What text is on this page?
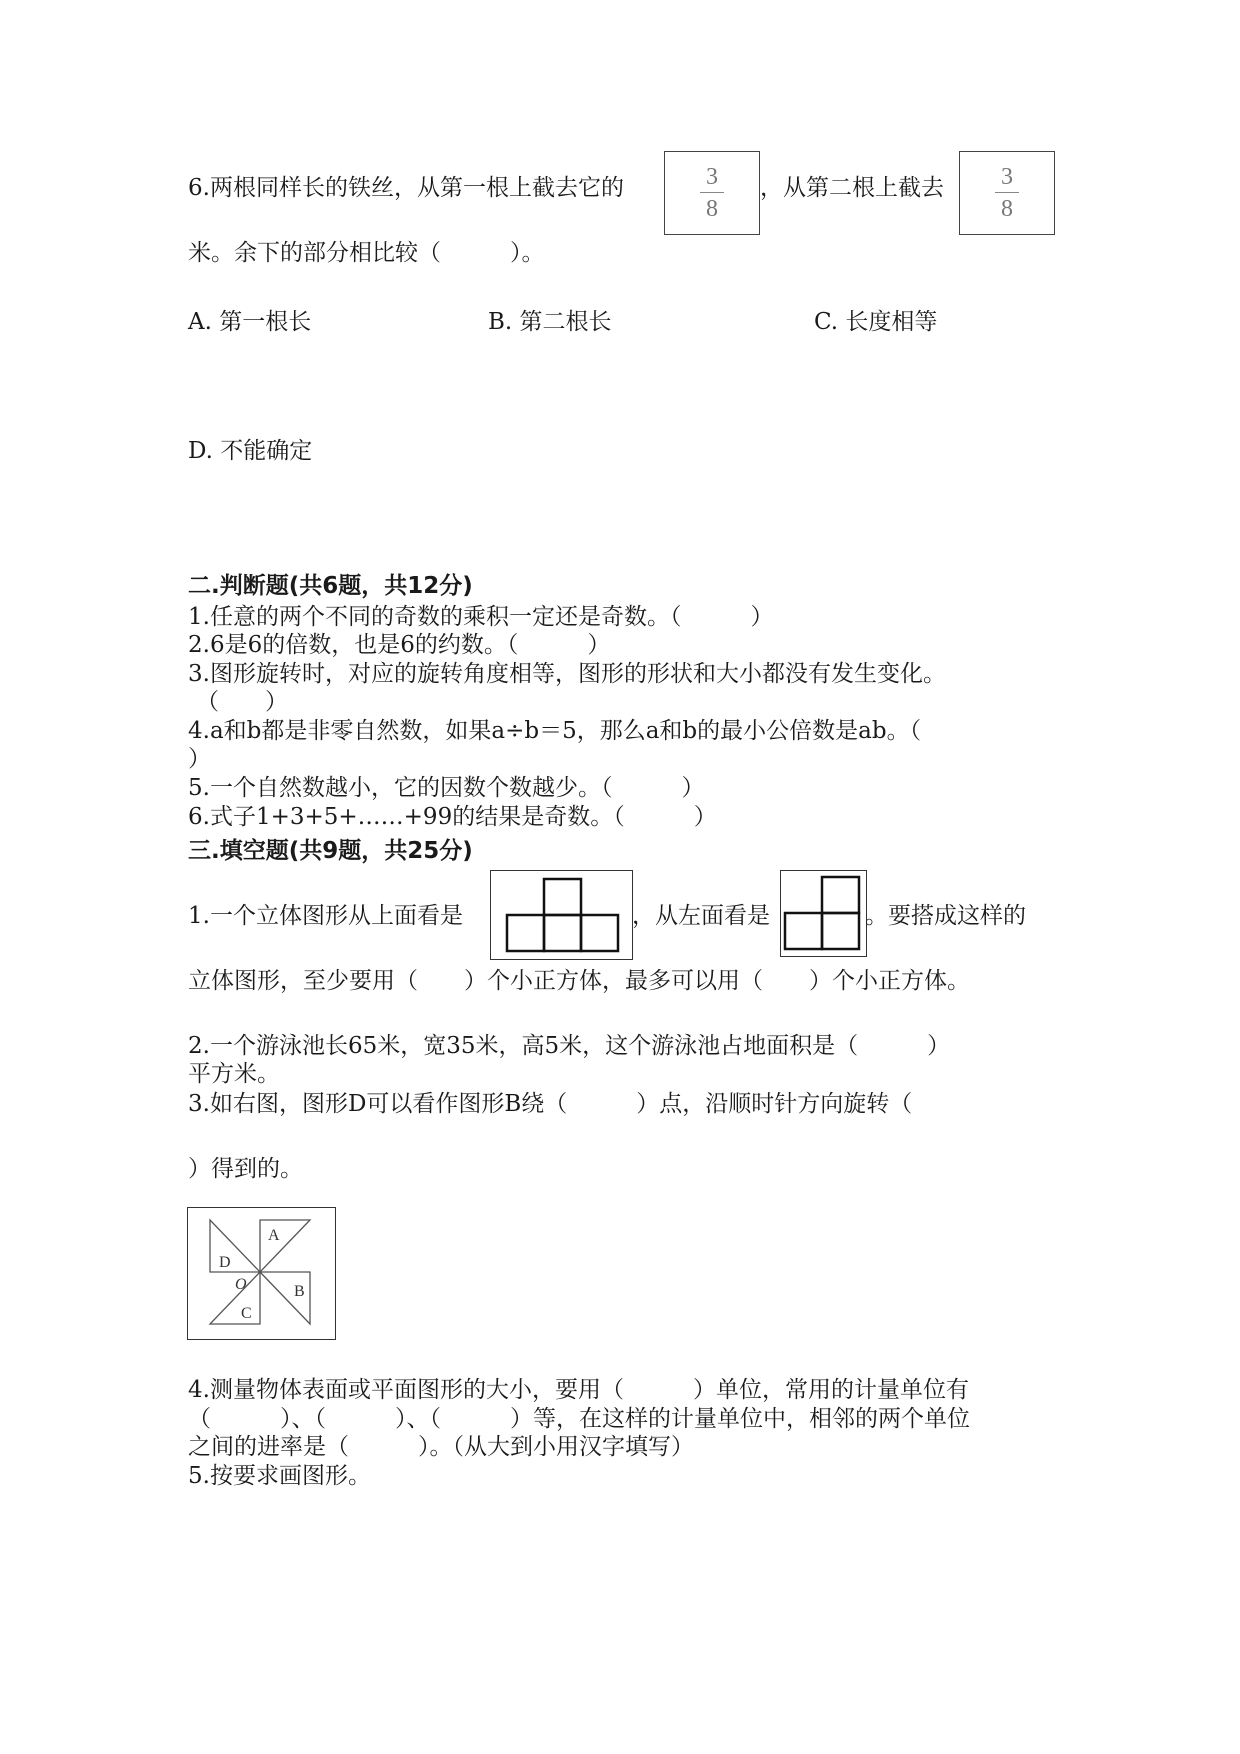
6.两根同样长的铁丝，从第一根上截去它的	3
8
，从第二根上截去	3
8
米。余下的部分相比较（　　　）。
A. 第一根长	B. 第二根长	C. 长度相等
D. 不能确定
二.判断题(共6题，共12分)
1.任意的两个不同的奇数的乘积一定还是奇数。（　　　）
2.6是6的倍数，也是6的约数。（　　　）
3.图形旋转时，对应的旋转角度相等，图形的形状和大小都没有发生变化。
（　　）
4.a和b都是非零自然数，如果a÷b＝5，那么a和b的最小公倍数是ab。（
）
5.一个自然数越小，它的因数个数越少。（　　　）
6.式子1+3+5+……+99的结果是奇数。（　　　）
三.填空题(共9题，共25分)
1.一个立体图形从上面看是	，从左面看是	。要搭成这样的
立体图形，至少要用（　　）个小正方体，最多可以用（　　）个小正方体。
2.一个游泳池长65米，宽35米，高5米，这个游泳池占地面积是（　　　）
平方米。
3.如右图，图形D可以看作图形B绕（　　　）点，沿顺时针方向旋转（
）得到的。
A
B
C
D
O
4.测量物体表面或平面图形的大小，要用（　　　）单位，常用的计量单位有
（　　　）、（　　　）、（　　　）等，在这样的计量单位中，相邻的两个单位
之间的进率是（　　　）。（从大到小用汉字填写）
5.按要求画图形。
